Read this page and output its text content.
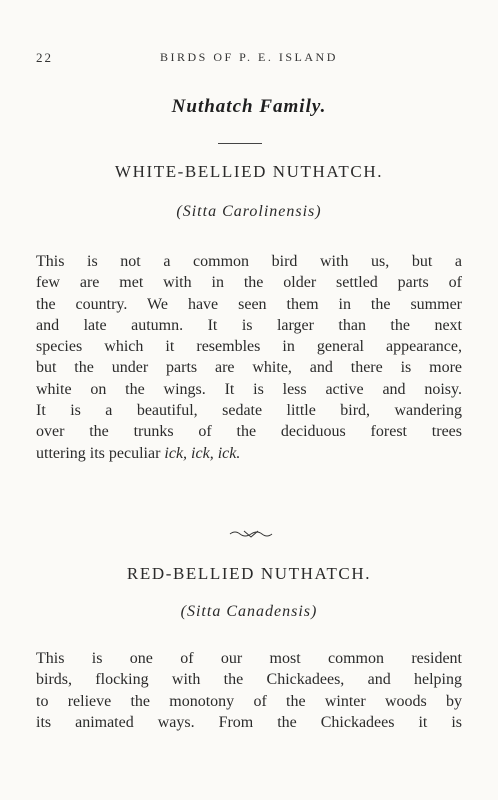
22	BIRDS OF P. E. ISLAND
Nuthatch Family.
WHITE-BELLIED NUTHATCH.
(Sitta Carolinensis)
This is not a common bird with us, but a
few are met with in the older settled parts of
the country. We have seen them in the summer
and late autumn. It is larger than the next
species which it resembles in general appearance,
but the under parts are white, and there is more
white on the wings. It is less active and noisy.
It is a beautiful, sedate little bird, wandering
over the trunks of the deciduous forest trees
uttering its peculiar ick, ick, ick.
RED-BELLIED NUTHATCH.
(Sitta Canadensis)
This is one of our most common resident
birds, flocking with the Chickadees, and helping
to relieve the monotony of the winter woods by
its animated ways. From the Chickadees it is
